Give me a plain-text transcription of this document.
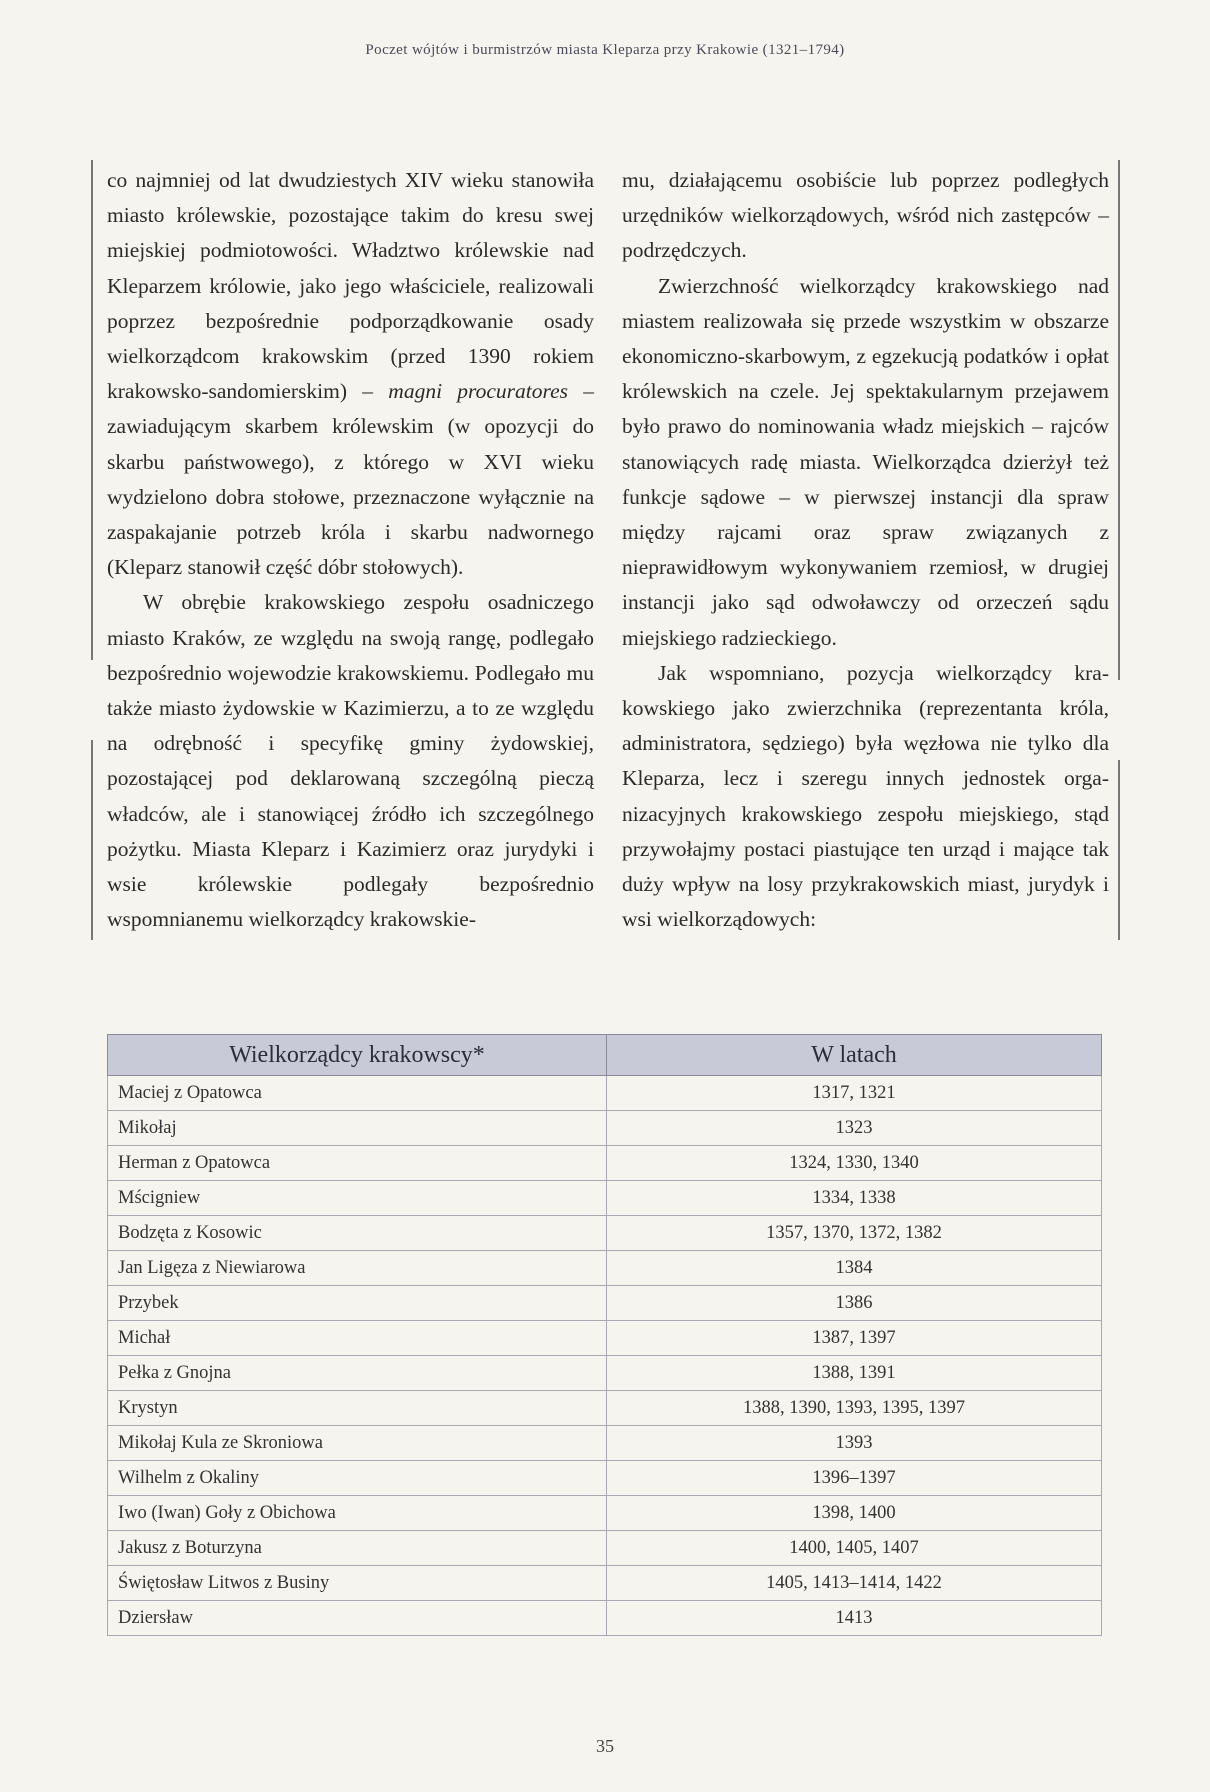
Poczet wójtów i burmistrzów miasta Kleparza przy Krakowie (1321–1794)

co najmniej od lat dwudziestych XIV wieku stanowiła miasto królewskie, pozostające takim do kresu swej miejskiej podmiotowości. Władztwo królewskie nad Kleparzem królowie, jako jego właściciele, realizowali poprzez bezpośrednie podporządkowanie osady wielkorządcom krakowskim (przed 1390 rokiem krakowsko-sandomierskim) – magni procuratores – zawiadującym skarbem królewskim (w opozycji do skarbu państwowego), z którego w XVI wieku wydzielono dobra stołowe, przeznaczone wyłącznie na zaspakajanie potrzeb króla i skarbu nadwornego (Kleparz stanowił część dóbr stołowych).

W obrębie krakowskiego zespołu osadniczego miasto Kraków, ze względu na swoją rangę, podlegało bezpośrednio wojewodzie krakowskiemu. Podlegało mu także miasto żydowskie w Kazimierzu, a to ze względu na odrębność i specyfikę gminy żydowskiej, pozostającej pod deklarowaną szczególną pieczą władców, ale i stanowiącej źródło ich szczególnego pożytku. Miasta Kleparz i Kazimierz oraz jurydyki i wsie królewskie podlegały bezpośrednio wspomnianemu wielkorządcy krakowskie-

mu, działającemu osobiście lub poprzez podległych urzędników wielkorządowych, wśród nich zastępców – podrzędczych.

Zwierzchność wielkorządcy krakowskiego nad miastem realizowała się przede wszystkim w obszarze ekonomiczno-skarbowym, z egzekucją podatków i opłat królewskich na czele. Jej spektakularnym przejawem było prawo do nominowania władz miejskich – rajców stanowiących radę miasta. Wielkorządca dzierżył też funkcje sądowe – w pierwszej instancji dla spraw między rajcami oraz spraw związanych z nieprawidłowym wykonywaniem rzemiosł, w drugiej instancji jako sąd odwoławczy od orzeczeń sądu miejskiego radzieckiego.

Jak wspomniano, pozycja wielkorządcy krakowskiego jako zwierzchnika (reprezentanta króla, administratora, sędziego) była węzłowa nie tylko dla Kleparza, lecz i szeregu innych jednostek organizacyjnych krakowskiego zespołu miejskiego, stąd przywołajmy postaci piastujące ten urząd i mające tak duży wpływ na losy przykrakowskich miast, jurydyk i wsi wielkorządowych:

Wielkorządcy krakowscy*	W latach
Maciej z Opatowca	1317, 1321
Mikołaj	1323
Herman z Opatowca	1324, 1330, 1340
Mścigniew	1334, 1338
Bodzęta z Kosowic	1357, 1370, 1372, 1382
Jan Ligęza z Niewiarowa	1384
Przybek	1386
Michał	1387, 1397
Pełka z Gnojna	1388, 1391
Krystyn	1388, 1390, 1393, 1395, 1397
Mikołaj Kula ze Skroniowa	1393
Wilhelm z Okaliny	1396–1397
Iwo (Iwan) Goły z Obichowa	1398, 1400
Jakusz z Boturzyna	1400, 1405, 1407
Świętosław Litwos z Businy	1405, 1413–1414, 1422
Dziersław	1413
35
